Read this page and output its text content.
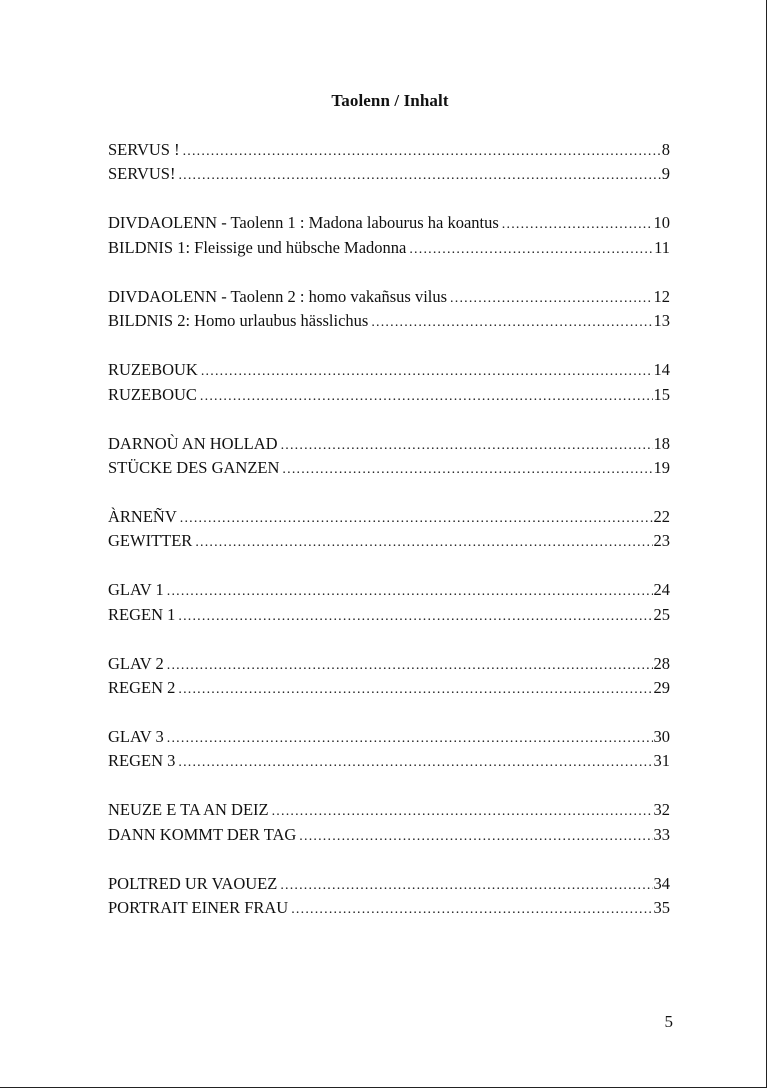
Taolenn / Inhalt
SERVUS ! .....	8
SERVUS! .....	9
DIVDAOLENN - Taolenn 1 : Madona labourus ha koantus .....	10
BILDNIS 1: Fleissige und hübsche Madonna .....	11
DIVDAOLENN - Taolenn 2 : homo vakañsus vilus .....	12
BILDNIS 2: Homo urlaubus hässlichus .....	13
RUZEBOUK .....	14
RUZEBOUC .....	15
DARNOÙ AN HOLLAD .....	18
STÜCKE DES GANZEN .....	19
ÀRNEÑV .....	22
GEWITTER .....	23
GLAV 1 .....	24
REGEN 1 .....	25
GLAV 2 .....	28
REGEN 2 .....	29
GLAV 3 .....	30
REGEN 3 .....	31
NEUZE E TA AN DEIZ .....	32
DANN KOMMT DER TAG .....	33
POLTRED UR VAOUEZ .....	34
PORTRAIT EINER FRAU .....	35
5
